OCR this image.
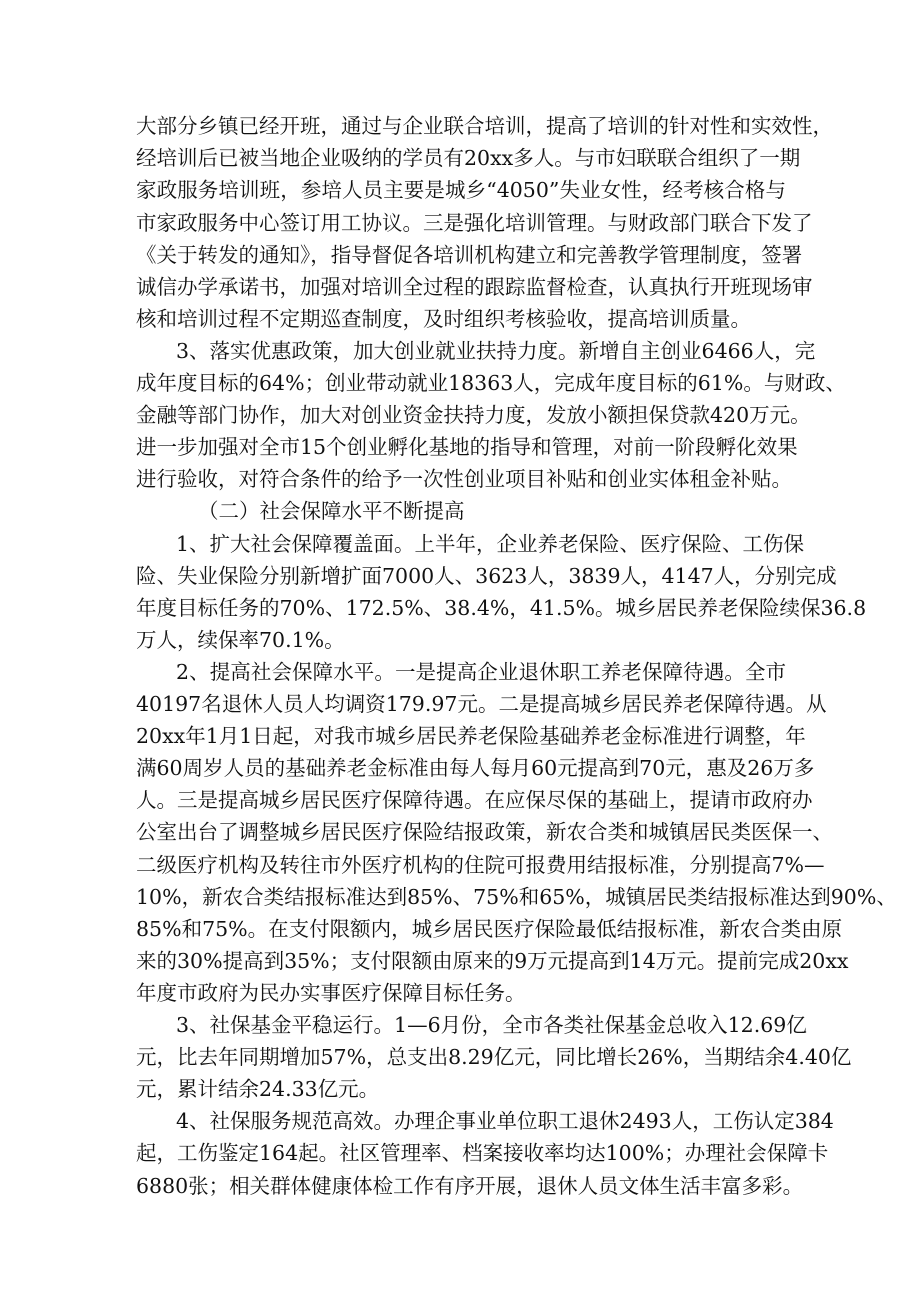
大部分乡镇已经开班，通过与企业联合培训，提高了培训的针对性和实效性，
经培训后已被当地企业吸纳的学员有20xx多人。与市妇联联合组织了一期
家政服务培训班，参培人员主要是城乡“4050”失业女性，经考核合格与
市家政服务中心签订用工协议。三是强化培训管理。与财政部门联合下发了
《关于转发的通知》，指导督促各培训机构建立和完善教学管理制度，签署
诚信办学承诺书，加强对培训全过程的跟踪监督检查，认真执行开班现场审
核和培训过程不定期巡查制度，及时组织考核验收，提高培训质量。
3、落实优惠政策，加大创业就业扶持力度。新增自主创业6466人，完
成年度目标的64%；创业带动就业18363人，完成年度目标的61%。与财政、
金融等部门协作，加大对创业资金扶持力度，发放小额担保贷款420万元。
进一步加强对全市15个创业孵化基地的指导和管理，对前一阶段孵化效果
进行验收，对符合条件的给予一次性创业项目补贴和创业实体租金补贴。
（二）社会保障水平不断提高
1、扩大社会保障覆盖面。上半年，企业养老保险、医疗保险、工伤保
险、失业保险分别新增扩面7000人、3623人，3839人，4147人，分别完成
年度目标任务的70%、172.5%、38.4%，41.5%。城乡居民养老保险续保36.8
万人，续保率70.1%。
2、提高社会保障水平。一是提高企业退休职工养老保障待遇。全市
40197名退休人员人均调资179.97元。二是提高城乡居民养老保障待遇。从
20xx年1月1日起，对我市城乡居民养老保险基础养老金标准进行调整，年
满60周岁人员的基础养老金标准由每人每月60元提高到70元，惠及26万多
人。三是提高城乡居民医疗保障待遇。在应保尽保的基础上，提请市政府办
公室出台了调整城乡居民医疗保险结报政策，新农合类和城镇居民类医保一、
二级医疗机构及转往市外医疗机构的住院可报费用结报标准，分别提高7%—
10%，新农合类结报标准达到85%、75%和65%，城镇居民类结报标准达到90%、
85%和75%。在支付限额内，城乡居民医疗保险最低结报标准，新农合类由原
来的30%提高到35%；支付限额由原来的9万元提高到14万元。提前完成20xx
年度市政府为民办实事医疗保障目标任务。
3、社保基金平稳运行。1—6月份，全市各类社保基金总收入12.69亿
元，比去年同期增加57%，总支出8.29亿元，同比增长26%，当期结余4.40亿
元，累计结余24.33亿元。
4、社保服务规范高效。办理企事业单位职工退休2493人，工伤认定384
起，工伤鉴定164起。社区管理率、档案接收率均达100%；办理社会保障卡
6880张；相关群体健康体检工作有序开展，退休人员文体生活丰富多彩。
